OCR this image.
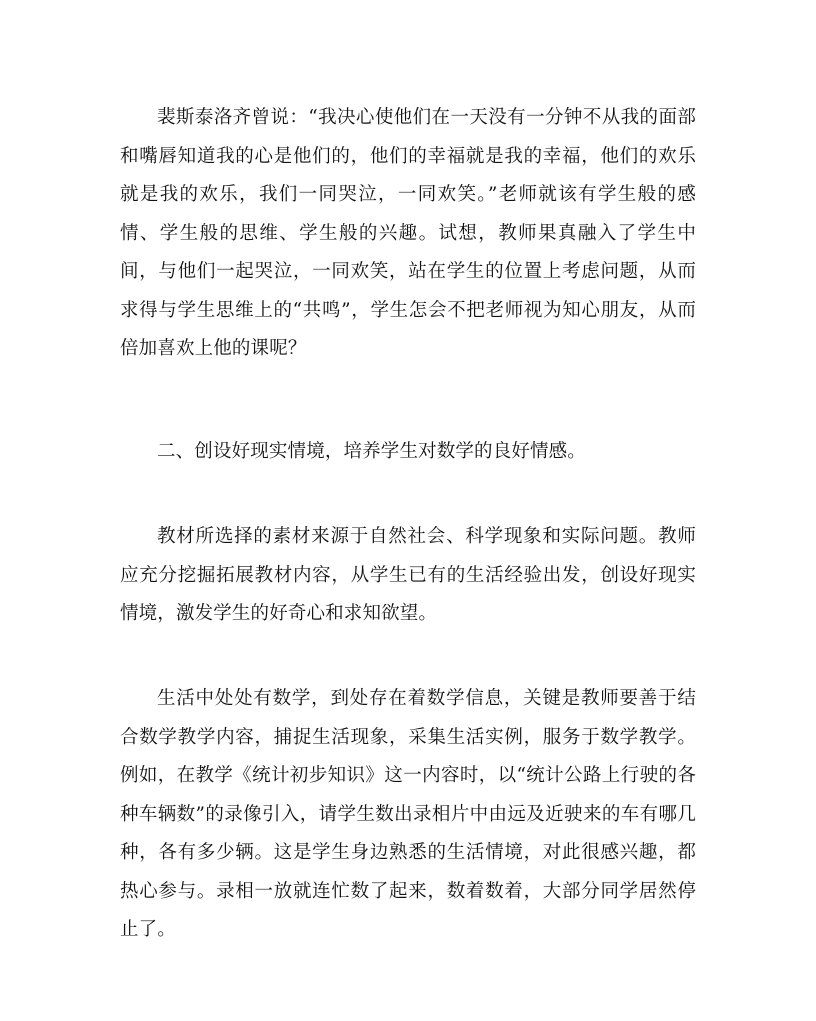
裴斯泰洛齐曾说：“我决心使他们在一天没有一分钟不从我的面部和嘴唇知道我的心是他们的，他们的幸福就是我的幸福，他们的欢乐就是我的欢乐，我们一同哭泣，一同欢笑。”老师就该有学生般的感情、学生般的思维、学生般的兴趣。试想，教师果真融入了学生中间，与他们一起哭泣，一同欢笑，站在学生的位置上考虑问题，从而求得与学生思维上的“共鸣”，学生怎会不把老师视为知心朋友，从而倍加喜欢上他的课呢？

二、创设好现实情境，培养学生对数学的良好情感。

教材所选择的素材来源于自然社会、科学现象和实际问题。教师应充分挖掘拓展教材内容，从学生已有的生活经验出发，创设好现实情境，激发学生的好奇心和求知欲望。

生活中处处有数学，到处存在着数学信息，关键是教师要善于结合数学教学内容，捕捉生活现象，采集生活实例，服务于数学教学。例如，在教学《统计初步知识》这一内容时，以“统计公路上行驶的各种车辆数”的录像引入，请学生数出录相片中由远及近驶来的车有哪几种，各有多少辆。这是学生身边熟悉的生活情境，对此很感兴趣，都热心参与。录相一放就连忙数了起来，数着数着，大部分同学居然停止了。
